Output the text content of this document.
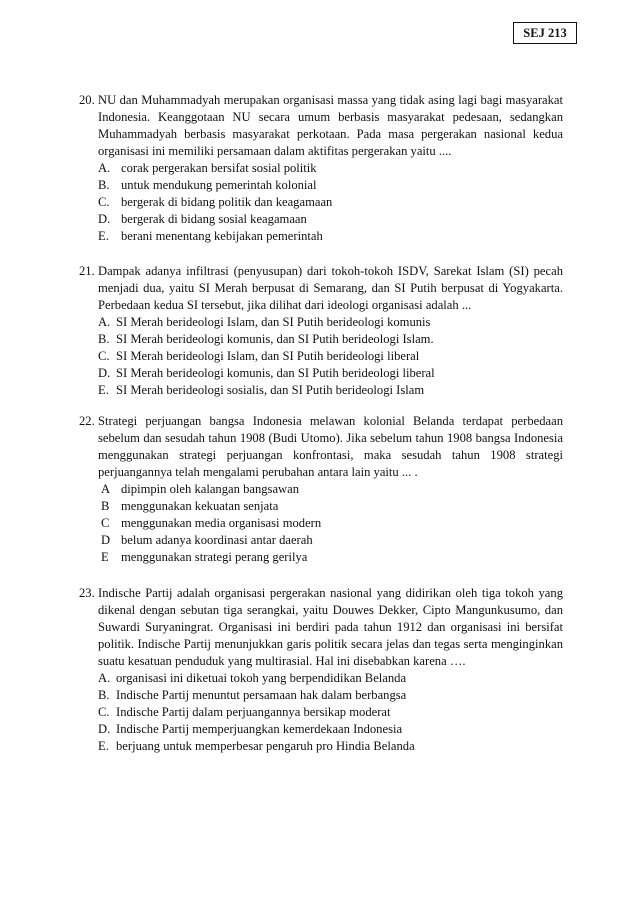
SEJ 213
20. NU dan Muhammadyah merupakan organisasi massa yang tidak asing lagi bagi masyarakat Indonesia. Keanggotaan NU secara umum berbasis masyarakat pedesaan, sedangkan Muhammadyah berbasis masyarakat perkotaan. Pada masa pergerakan nasional kedua organisasi ini memiliki persamaan dalam aktifitas pergerakan yaitu ....
A. corak pergerakan bersifat sosial politik
B. untuk mendukung pemerintah kolonial
C. bergerak di bidang politik dan keagamaan
D. bergerak di bidang sosial keagamaan
E. berani menentang kebijakan pemerintah
21. Dampak adanya infiltrasi (penyusupan) dari tokoh-tokoh ISDV, Sarekat Islam (SI) pecah menjadi dua, yaitu SI Merah berpusat di Semarang, dan SI Putih berpusat di Yogyakarta. Perbedaan kedua SI tersebut, jika dilihat dari ideologi organisasi adalah ...
A. SI Merah berideologi Islam, dan SI Putih berideologi komunis
B. SI Merah berideologi komunis, dan SI Putih berideologi Islam.
C. SI Merah berideologi Islam, dan SI Putih berideologi liberal
D. SI Merah berideologi komunis, dan SI Putih berideologi liberal
E. SI Merah berideologi sosialis, dan SI Putih berideologi Islam
22. Strategi perjuangan bangsa Indonesia melawan kolonial Belanda terdapat perbedaan sebelum dan sesudah tahun 1908 (Budi Utomo). Jika sebelum tahun 1908 bangsa Indonesia menggunakan strategi perjuangan konfrontasi, maka sesudah tahun 1908 strategi perjuangannya telah mengalami perubahan antara lain yaitu ... .
A dipimpin oleh kalangan bangsawan
B menggunakan kekuatan senjata
C menggunakan media organisasi modern
D belum adanya koordinasi antar daerah
E menggunakan strategi perang gerilya
23. Indische Partij adalah organisasi pergerakan nasional yang didirikan oleh tiga tokoh yang dikenal dengan sebutan tiga serangkai, yaitu Douwes Dekker, Cipto Mangunkusumo, dan Suwardi Suryaningrat. Organisasi ini berdiri pada tahun 1912 dan organisasi ini bersifat politik. Indische Partij menunjukkan garis politik secara jelas dan tegas serta menginginkan suatu kesatuan penduduk yang multirasial. Hal ini disebabkan karena ….
A. organisasi ini diketuai tokoh yang berpendidikan Belanda
B. Indische Partij menuntut persamaan hak dalam berbangsa
C. Indische Partij dalam perjuangannya bersikap moderat
D. Indische Partij memperjuangkan kemerdekaan Indonesia
E. berjuang untuk memperbesar pengaruh pro Hindia Belanda
